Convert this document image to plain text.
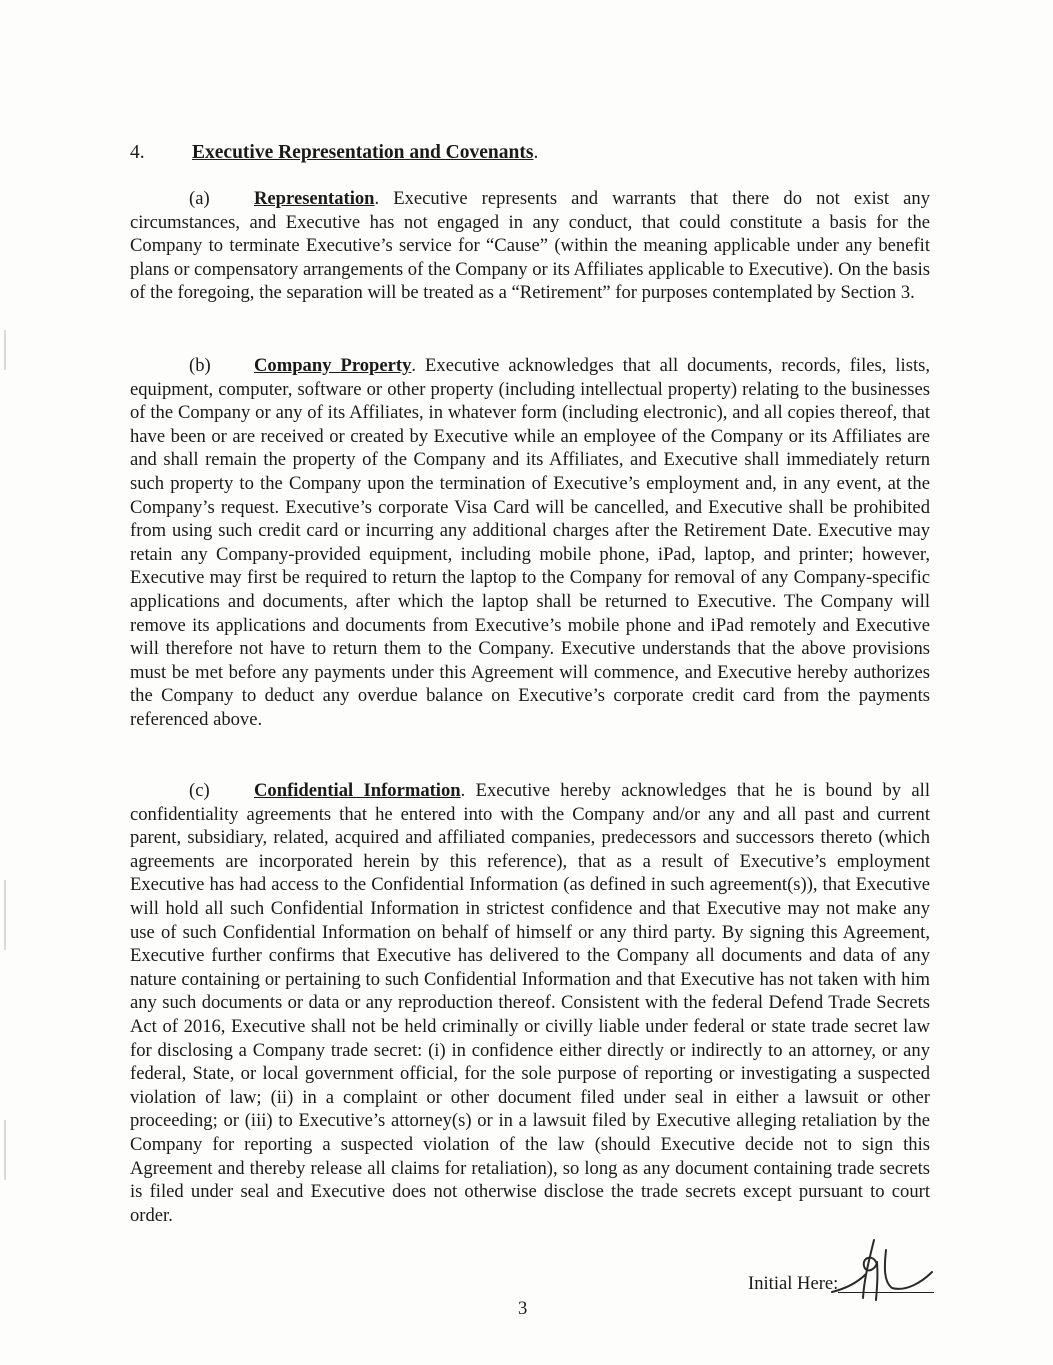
4. Executive Representation and Covenants.
(a) Representation. Executive represents and warrants that there do not exist any circumstances, and Executive has not engaged in any conduct, that could constitute a basis for the Company to terminate Executive’s service for “Cause” (within the meaning applicable under any benefit plans or compensatory arrangements of the Company or its Affiliates applicable to Executive). On the basis of the foregoing, the separation will be treated as a “Retirement” for purposes contemplated by Section 3.
(b) Company Property. Executive acknowledges that all documents, records, files, lists, equipment, computer, software or other property (including intellectual property) relating to the businesses of the Company or any of its Affiliates, in whatever form (including electronic), and all copies thereof, that have been or are received or created by Executive while an employee of the Company or its Affiliates are and shall remain the property of the Company and its Affiliates, and Executive shall immediately return such property to the Company upon the termination of Executive’s employment and, in any event, at the Company’s request. Executive’s corporate Visa Card will be cancelled, and Executive shall be prohibited from using such credit card or incurring any additional charges after the Retirement Date. Executive may retain any Company-provided equipment, including mobile phone, iPad, laptop, and printer; however, Executive may first be required to return the laptop to the Company for removal of any Company-specific applications and documents, after which the laptop shall be returned to Executive. The Company will remove its applications and documents from Executive’s mobile phone and iPad remotely and Executive will therefore not have to return them to the Company. Executive understands that the above provisions must be met before any payments under this Agreement will commence, and Executive hereby authorizes the Company to deduct any overdue balance on Executive’s corporate credit card from the payments referenced above.
(c) Confidential Information. Executive hereby acknowledges that he is bound by all confidentiality agreements that he entered into with the Company and/or any and all past and current parent, subsidiary, related, acquired and affiliated companies, predecessors and successors thereto (which agreements are incorporated herein by this reference), that as a result of Executive’s employment Executive has had access to the Confidential Information (as defined in such agreement(s)), that Executive will hold all such Confidential Information in strictest confidence and that Executive may not make any use of such Confidential Information on behalf of himself or any third party. By signing this Agreement, Executive further confirms that Executive has delivered to the Company all documents and data of any nature containing or pertaining to such Confidential Information and that Executive has not taken with him any such documents or data or any reproduction thereof. Consistent with the federal Defend Trade Secrets Act of 2016, Executive shall not be held criminally or civilly liable under federal or state trade secret law for disclosing a Company trade secret: (i) in confidence either directly or indirectly to an attorney, or any federal, State, or local government official, for the sole purpose of reporting or investigating a suspected violation of law; (ii) in a complaint or other document filed under seal in either a lawsuit or other proceeding; or (iii) to Executive’s attorney(s) or in a lawsuit filed by Executive alleging retaliation by the Company for reporting a suspected violation of the law (should Executive decide not to sign this Agreement and thereby release all claims for retaliation), so long as any document containing trade secrets is filed under seal and Executive does not otherwise disclose the trade secrets except pursuant to court order.
Initial Here:
3
